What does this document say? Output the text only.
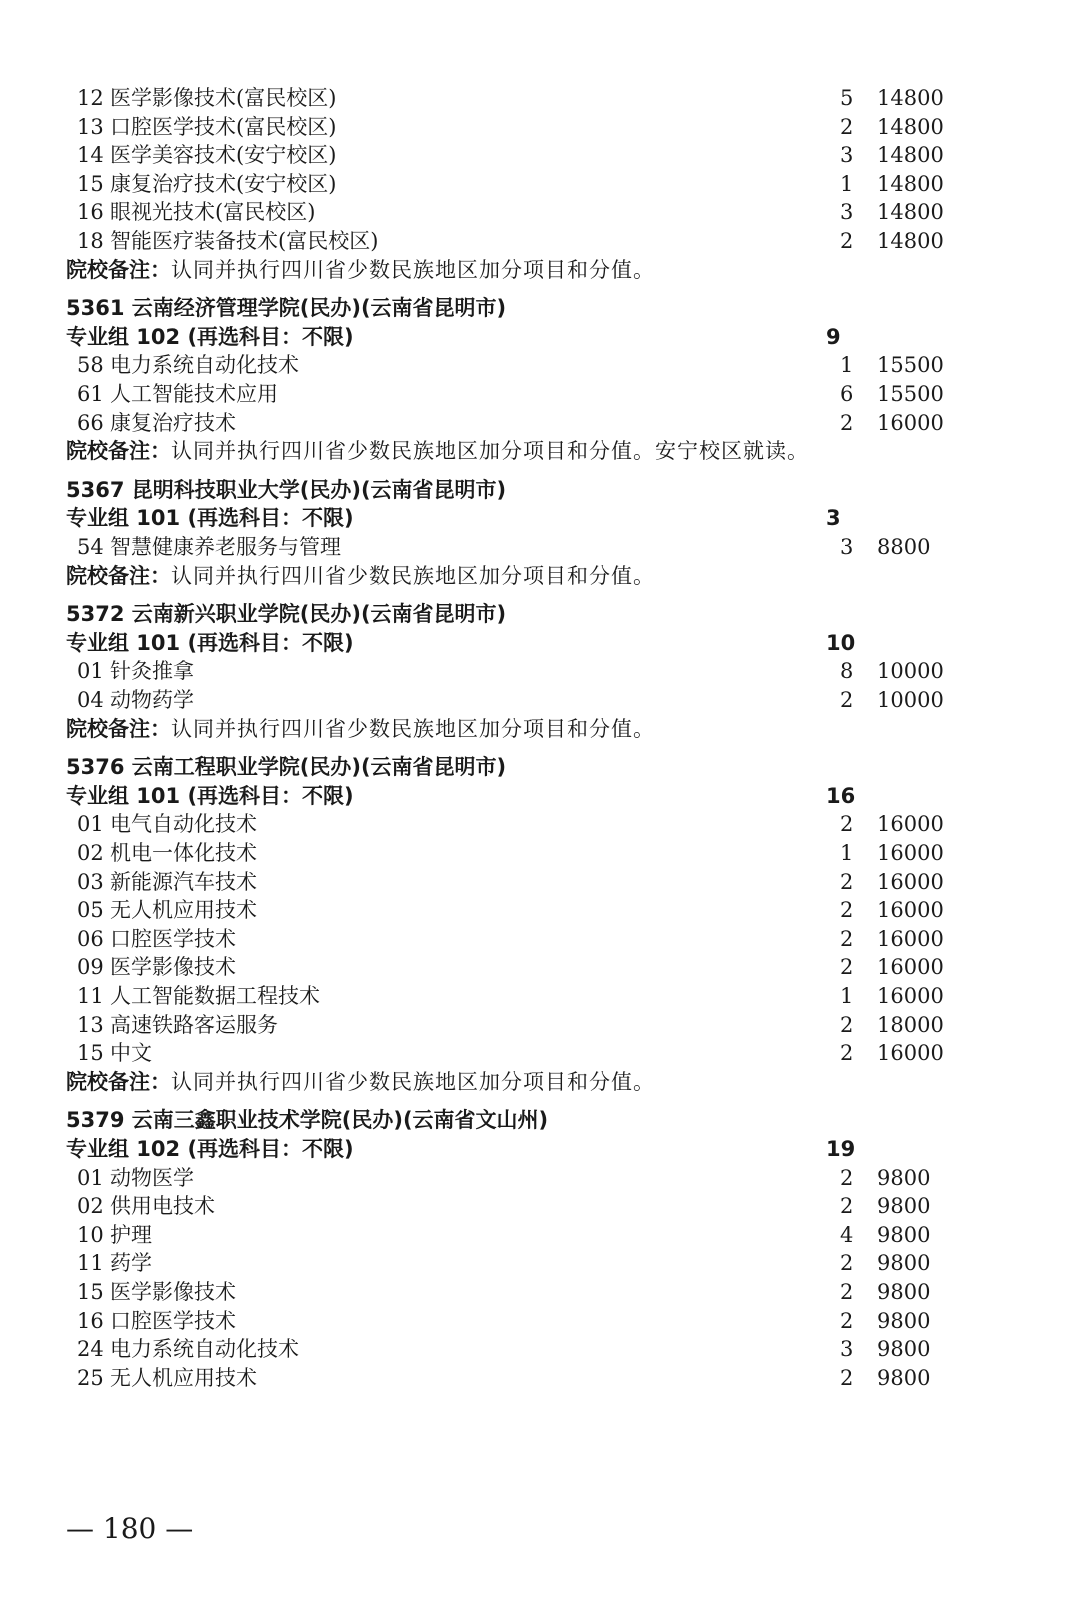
12 医学影像技术(富民校区)	5 14800
13 口腔医学技术(富民校区)	2 14800
14 医学美容技术(安宁校区)	3 14800
15 康复治疗技术(安宁校区)	1 14800
16 眼视光技术(富民校区)	3 14800
18 智能医疗装备技术(富民校区)	2 14800
院校备注：认同并执行四川省少数民族地区加分项目和分值。
5361 云南经济管理学院(民办)(云南省昆明市)
专业组 102 (再选科目：不限)	9
58 电力系统自动化技术	1 15500
61 人工智能技术应用	6 15500
66 康复治疗技术	2 16000
院校备注：认同并执行四川省少数民族地区加分项目和分值。安宁校区就读。
5367 昆明科技职业大学(民办)(云南省昆明市)
专业组 101 (再选科目：不限)	3
54 智慧健康养老服务与管理	3 8800
院校备注：认同并执行四川省少数民族地区加分项目和分值。
5372 云南新兴职业学院(民办)(云南省昆明市)
专业组 101 (再选科目：不限)	10
01 针灸推拿	8 10000
04 动物药学	2 10000
院校备注：认同并执行四川省少数民族地区加分项目和分值。
5376 云南工程职业学院(民办)(云南省昆明市)
专业组 101 (再选科目：不限)	16
01 电气自动化技术	2 16000
02 机电一体化技术	1 16000
03 新能源汽车技术	2 16000
05 无人机应用技术	2 16000
06 口腔医学技术	2 16000
09 医学影像技术	2 16000
11 人工智能数据工程技术	1 16000
13 高速铁路客运服务	2 18000
15 中文	2 16000
院校备注：认同并执行四川省少数民族地区加分项目和分值。
5379 云南三鑫职业技术学院(民办)(云南省文山州)
专业组 102 (再选科目：不限)	19
01 动物医学	2 9800
02 供用电技术	2 9800
10 护理	4 9800
11 药学	2 9800
15 医学影像技术	2 9800
16 口腔医学技术	2 9800
24 电力系统自动化技术	3 9800
25 无人机应用技术	2 9800
— 180 —
